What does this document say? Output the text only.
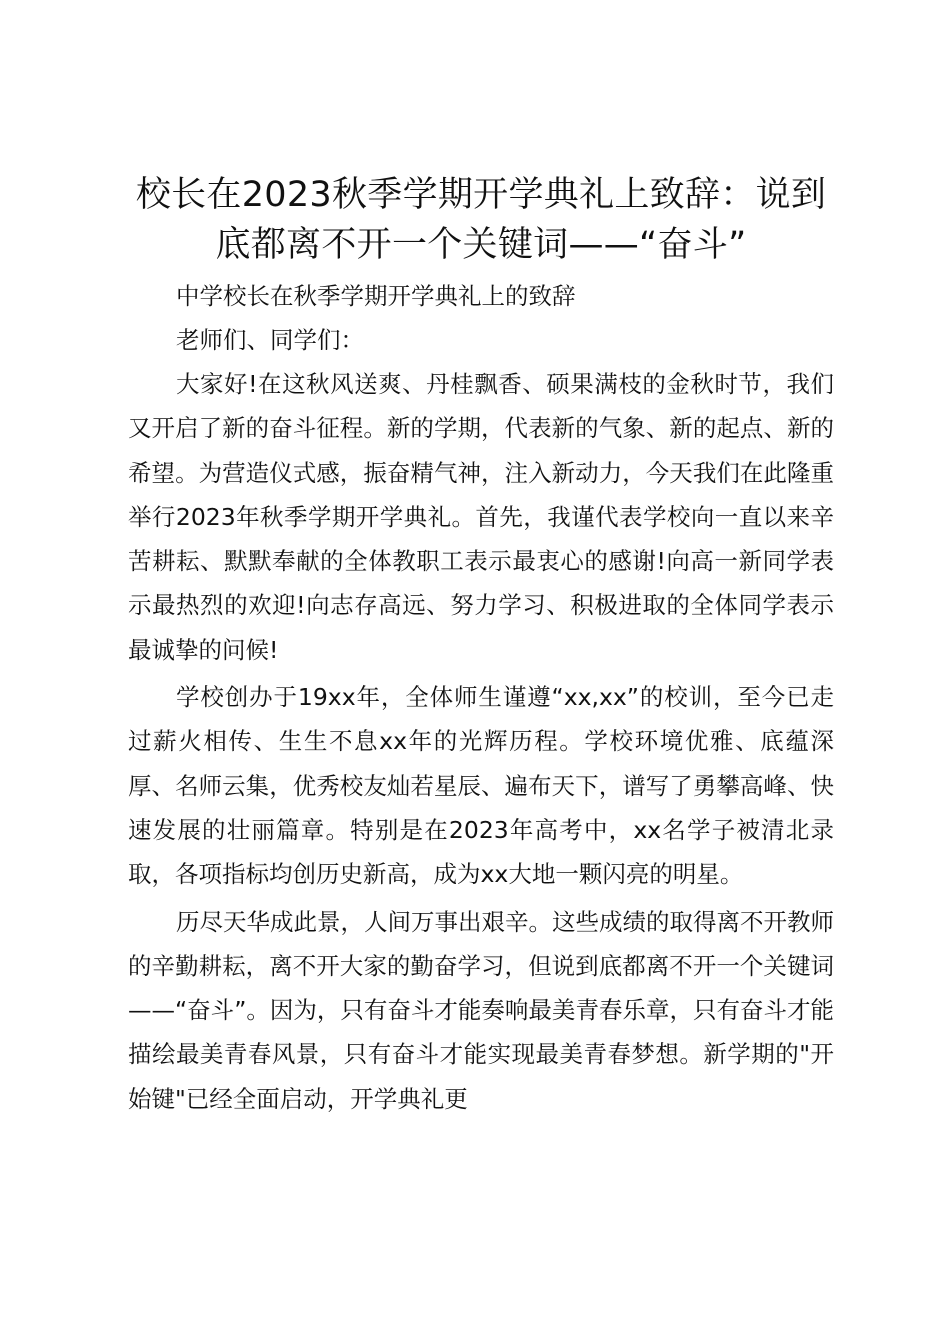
校长在2023秋季学期开学典礼上致辞：说到底都离不开一个关键词——“奋斗”

中学校长在秋季学期开学典礼上的致辞

老师们、同学们：

大家好!在这秋风送爽、丹桂飘香、硕果满枝的金秋时节，我们又开启了新的奋斗征程。新的学期，代表新的气象、新的起点、新的希望。为营造仪式感，振奋精气神，注入新动力，今天我们在此隆重举行2023年秋季学期开学典礼。首先，我谨代表学校向一直以来辛苦耕耘、默默奉献的全体教职工表示最衷心的感谢!向高一新同学表示最热烈的欢迎!向志存高远、努力学习、积极进取的全体同学表示最诚挚的问候!

学校创办于19xx年，全体师生谨遵“xx,xx”的校训，至今已走过薪火相传、生生不息xx年的光辉历程。学校环境优雅、底蕴深厚、名师云集，优秀校友灿若星辰、遍布天下，谱写了勇攀高峰、快速发展的壮丽篇章。特别是在2023年高考中，xx名学子被清北录取，各项指标均创历史新高，成为xx大地一颗闪亮的明星。

历尽天华成此景，人间万事出艰辛。这些成绩的取得离不开教师的辛勤耕耘，离不开大家的勤奋学习，但说到底都离不开一个关键词——“奋斗”。因为，只有奋斗才能奏响最美青春乐章，只有奋斗才能描绘最美青春风景，只有奋斗才能实现最美青春梦想。新学期的"开始键"已经全面启动，开学典礼更
